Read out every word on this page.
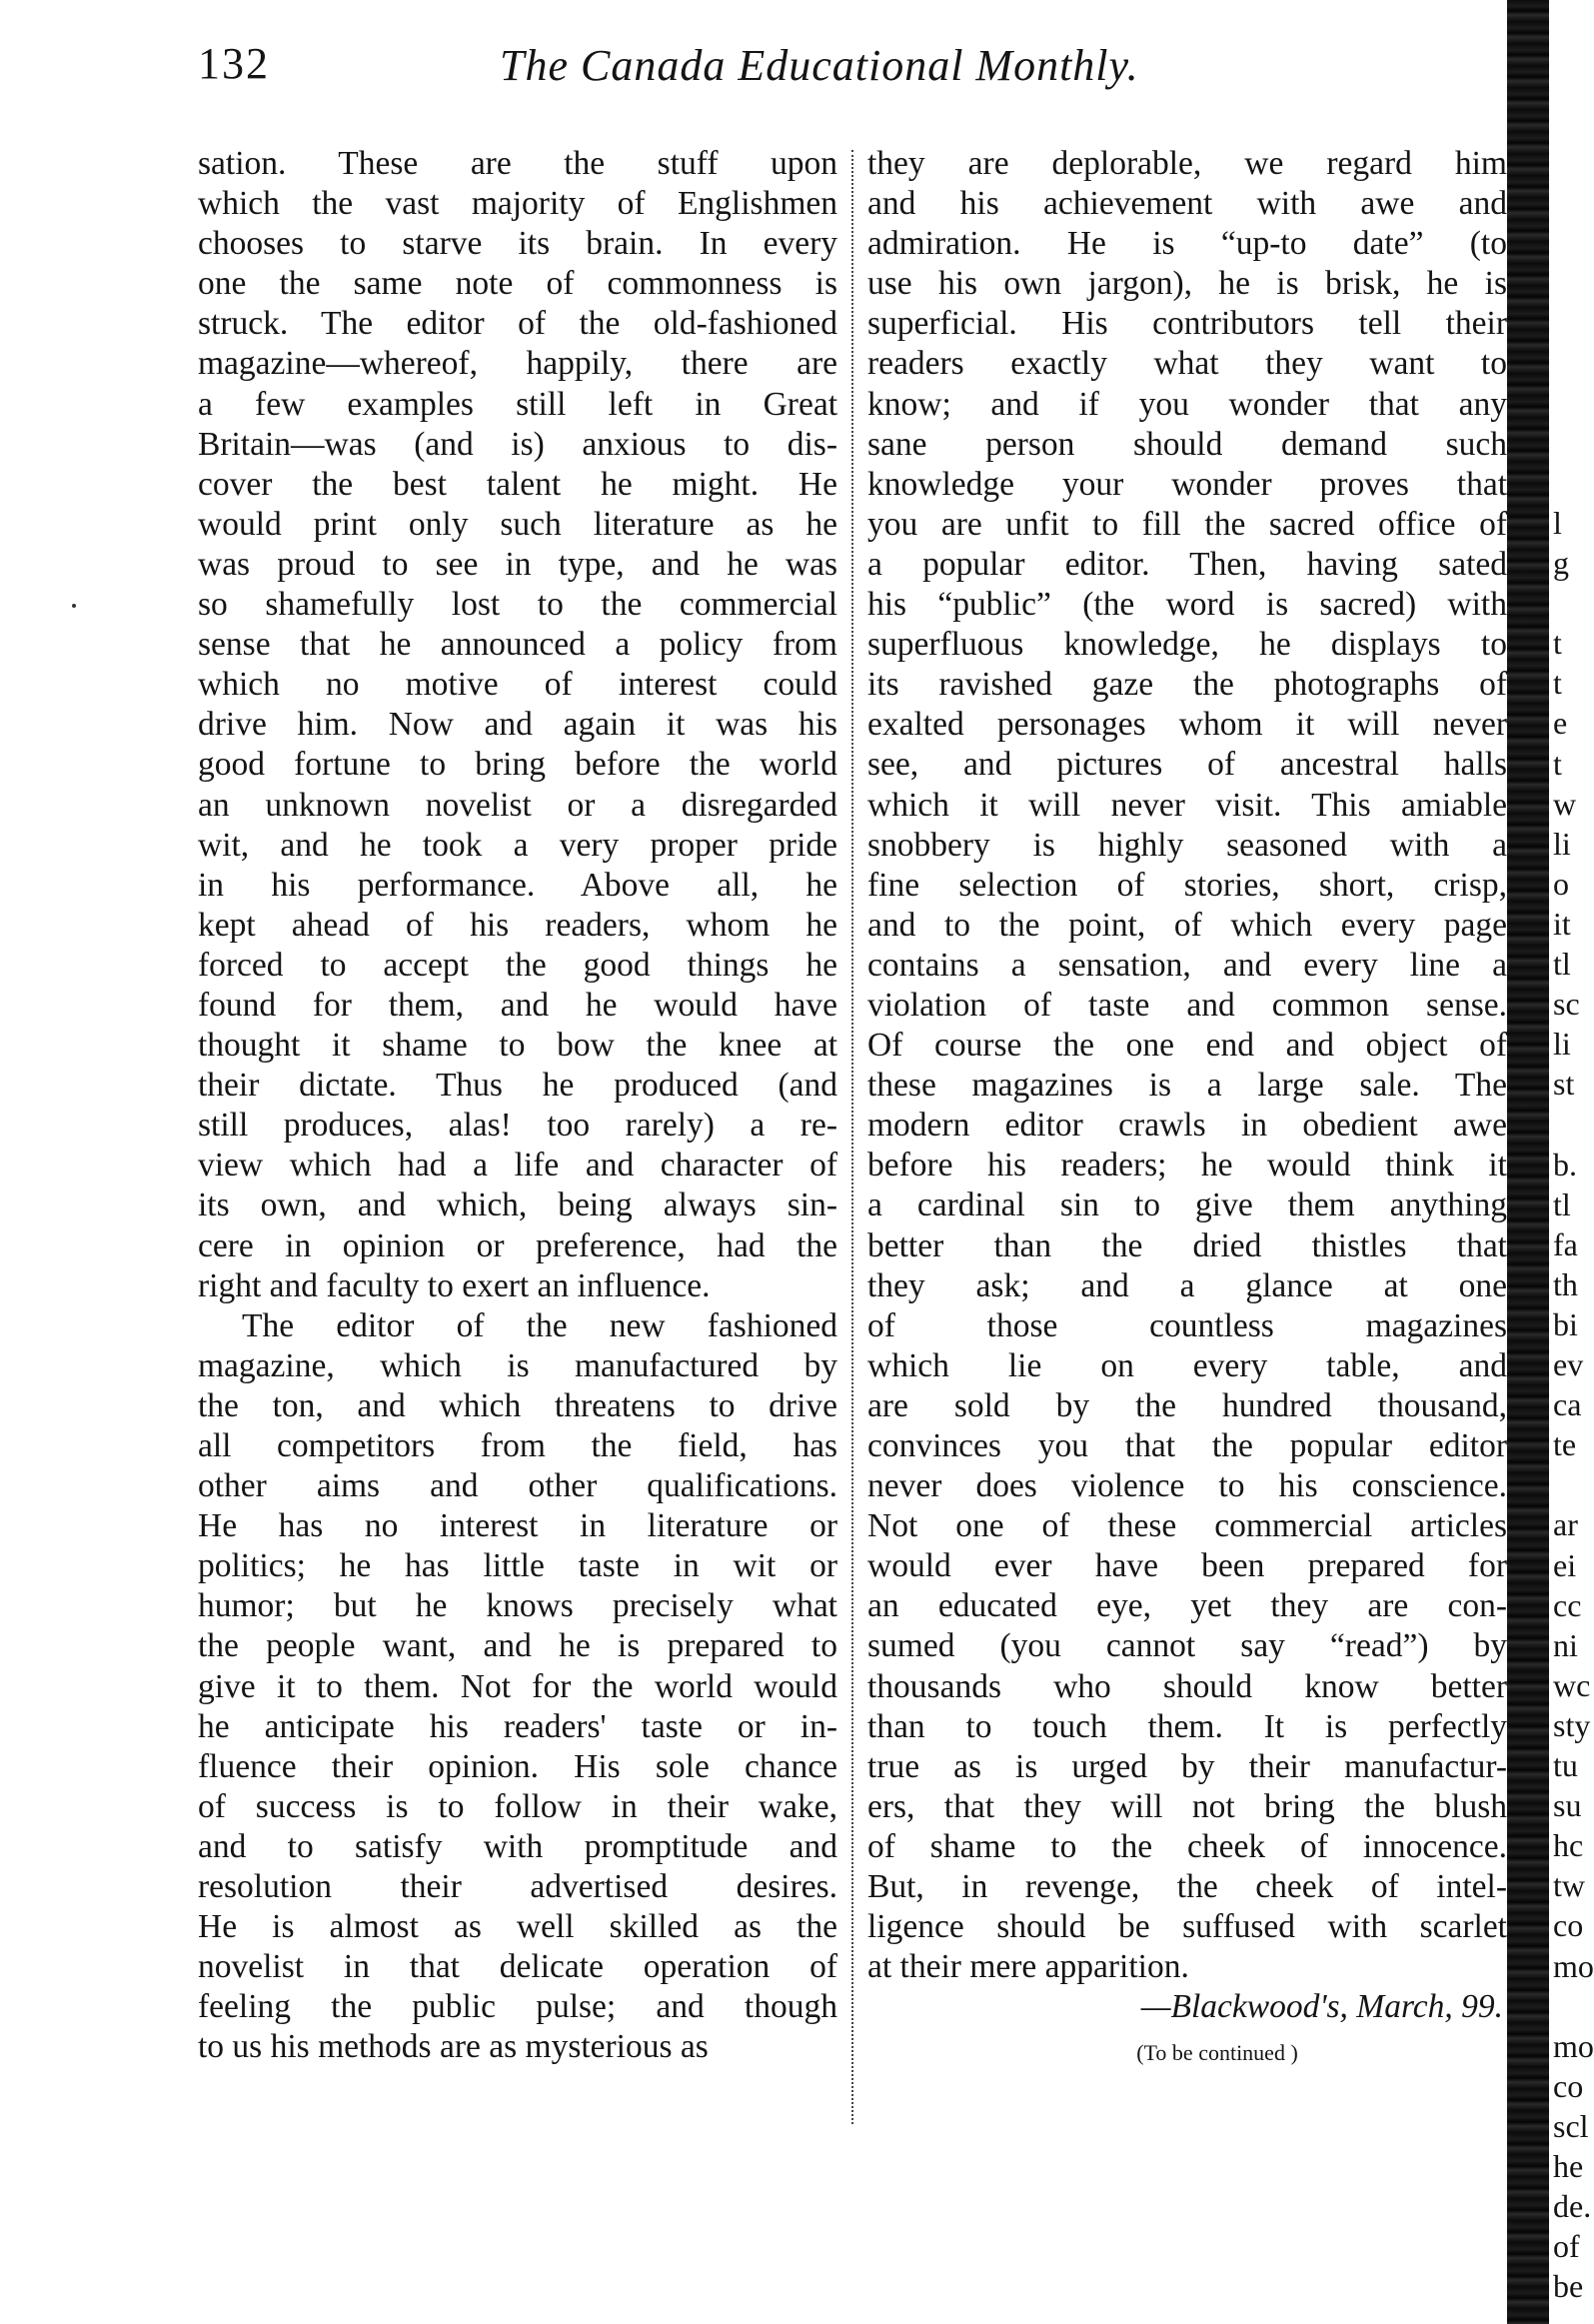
132	The Canada Educational Monthly.
sation. These are the stuff upon
which the vast majority of Englishmen
chooses to starve its brain. In every
one the same note of commonness is
struck. The editor of the old-fashioned
magazine—whereof, happily, there are
a few examples still left in Great
Britain—was (and is) anxious to dis-
cover the best talent he might. He
would print only such literature as he
was proud to see in type, and he was
so shamefully lost to the commercial
sense that he announced a policy from
which no motive of interest could
drive him. Now and again it was his
good fortune to bring before the world
an unknown novelist or a disregarded
wit, and he took a very proper pride
in his performance. Above all, he
kept ahead of his readers, whom he
forced to accept the good things he
found for them, and he would have
thought it shame to bow the knee at
their dictate. Thus he produced (and
still produces, alas! too rarely) a re-
view which had a life and character of
its own, and which, being always sin-
cere in opinion or preference, had the
right and faculty to exert an influence.
The editor of the new fashioned
magazine, which is manufactured by
the ton, and which threatens to drive
all competitors from the field, has
other aims and other qualifications.
He has no interest in literature or
politics; he has little taste in wit or
humor; but he knows precisely what
the people want, and he is prepared to
give it to them. Not for the world would
he anticipate his readers' taste or in-
fluence their opinion. His sole chance
of success is to follow in their wake,
and to satisfy with promptitude and
resolution their advertised desires.
He is almost as well skilled as the
novelist in that delicate operation of
feeling the public pulse; and though
to us his methods are as mysterious as
they are deplorable, we regard him
and his achievement with awe and
admiration. He is “up-to date” (to
use his own jargon), he is brisk, he is
superficial. His contributors tell their
readers exactly what they want to
know; and if you wonder that any
sane person should demand such
knowledge your wonder proves that
you are unfit to fill the sacred office of
a popular editor. Then, having sated
his “public” (the word is sacred) with
superfluous knowledge, he displays to
its ravished gaze the photographs of
exalted personages whom it will never
see, and pictures of ancestral halls
which it will never visit. This amiable
snobbery is highly seasoned with a
fine selection of stories, short, crisp,
and to the point, of which every page
contains a sensation, and every line a
violation of taste and common sense.
Of course the one end and object of
these magazines is a large sale. The
modern editor crawls in obedient awe
before his readers; he would think it
a cardinal sin to give them anything
better than the dried thistles that
they ask; and a glance at one
of those countless magazines
which lie on every table, and
are sold by the hundred thousand,
convinces you that the popular editor
never does violence to his conscience.
Not one of these commercial articles
would ever have been prepared for
an educated eye, yet they are con-
sumed (you cannot say “read”) by
thousands who should know better
than to touch them. It is perfectly
true as is urged by their manufactur-
ers, that they will not bring the blush
of shame to the cheek of innocence.
But, in revenge, the cheek of intel-
ligence should be suffused with scarlet
at their mere apparition.
—Blackwood's, March, 99.
(To be continued )
l
g
t
t
e
t
w
li
o
it
tl
sc
li
st
b.
tl
fa
th
bi
ev
ca
te
ar
ei
cc
ni
wc
sty
tu
su
hc
tw
co
mo
mo
co
scl
he
de.
of
be
